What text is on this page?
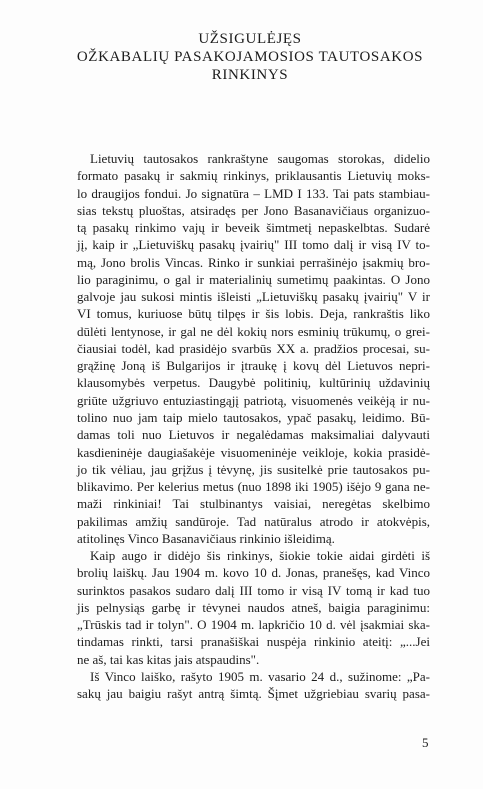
UŽSIGULĖJĘS
OŽKABALIŲ PASAKOJAMOSIOS TAUTOSAKOS
RINKINYS
Lietuvių tautosakos rankraštyne saugomas storokas, didelio
formato pasakų ir sakmių rinkinys, priklausantis Lietuvių moks-
lo draugijos fondui. Jo signatūra – LMD I 133. Tai pats stambiau-
sias tekstų pluoštas, atsiradęs per Jono Basanavičiaus organizuo-
tą pasakų rinkimo vajų ir beveik šimtmetį nepaskelbtas. Sudarė
jį, kaip ir „Lietuviškų pasakų įvairių" III tomo dalį ir visą IV to-
mą, Jono brolis Vincas. Rinko ir sunkiai perrašinėjo įsakmių bro-
lio paraginimu, o gal ir materialinių sumetimų paakintas. O Jono
galvoje jau sukosi mintis išleisti „Lietuviškų pasakų įvairių" V ir
VI tomus, kuriuose būtų tilpęs ir šis lobis. Deja, rankraštis liko
dūlėti lentynose, ir gal ne dėl kokių nors esminių trūkumų, o grei-
čiausiai todėl, kad prasidėjo svarbūs XX a. pradžios procesai, su-
grąžinę Joną iš Bulgarijos ir įtraukę į kovų dėl Lietuvos nepri-
klausomybės verpetus. Daugybė politinių, kultūrinių uždavinių
griūte užgriuvo entuziastingąjį patriotą, visuomenės veikėją ir nu-
tolino nuo jam taip mielo tautosakos, ypač pasakų, leidimo. Bū-
damas toli nuo Lietuvos ir negalėdamas maksimaliai dalyvauti
kasdieninėje daugiašakėje visuomeninėje veikloje, kokia prasidė-
jo tik vėliau, jau grįžus į tėvynę, jis susitelkė prie tautosakos pu-
blikavimo. Per kelerius metus (nuo 1898 iki 1905) išėjo 9 gana ne-
maži rinkiniai! Tai stulbinantys vaisiai, neregėtas skelbimo
pakilimas amžių sandūroje. Tad natūralus atrodo ir atokvėpis,
atitolinęs Vinco Basanavičiaus rinkinio išleidimą.
Kaip augo ir didėjo šis rinkinys, šiokie tokie aidai girdėti iš
brolių laiškų. Jau 1904 m. kovo 10 d. Jonas, pranešęs, kad Vinco
surinktos pasakos sudaro dalį III tomo ir visą IV tomą ir kad tuo
jis pelnysiąs garbę ir tėvynei naudos atneš, baigia paraginimu:
„Trūskis tad ir tolyn". O 1904 m. lapkričio 10 d. vėl įsakmiai ska-
tindamas rinkti, tarsi pranašiškai nuspėja rinkinio ateitį: „...Jei
ne aš, tai kas kitas jais atspaudins".
Iš Vinco laiško, rašyto 1905 m. vasario 24 d., sužinome: „Pa-
sakų jau baigiu rašyt antrą šimtą. Šįmet užgriebiau svarių pasa-
5
